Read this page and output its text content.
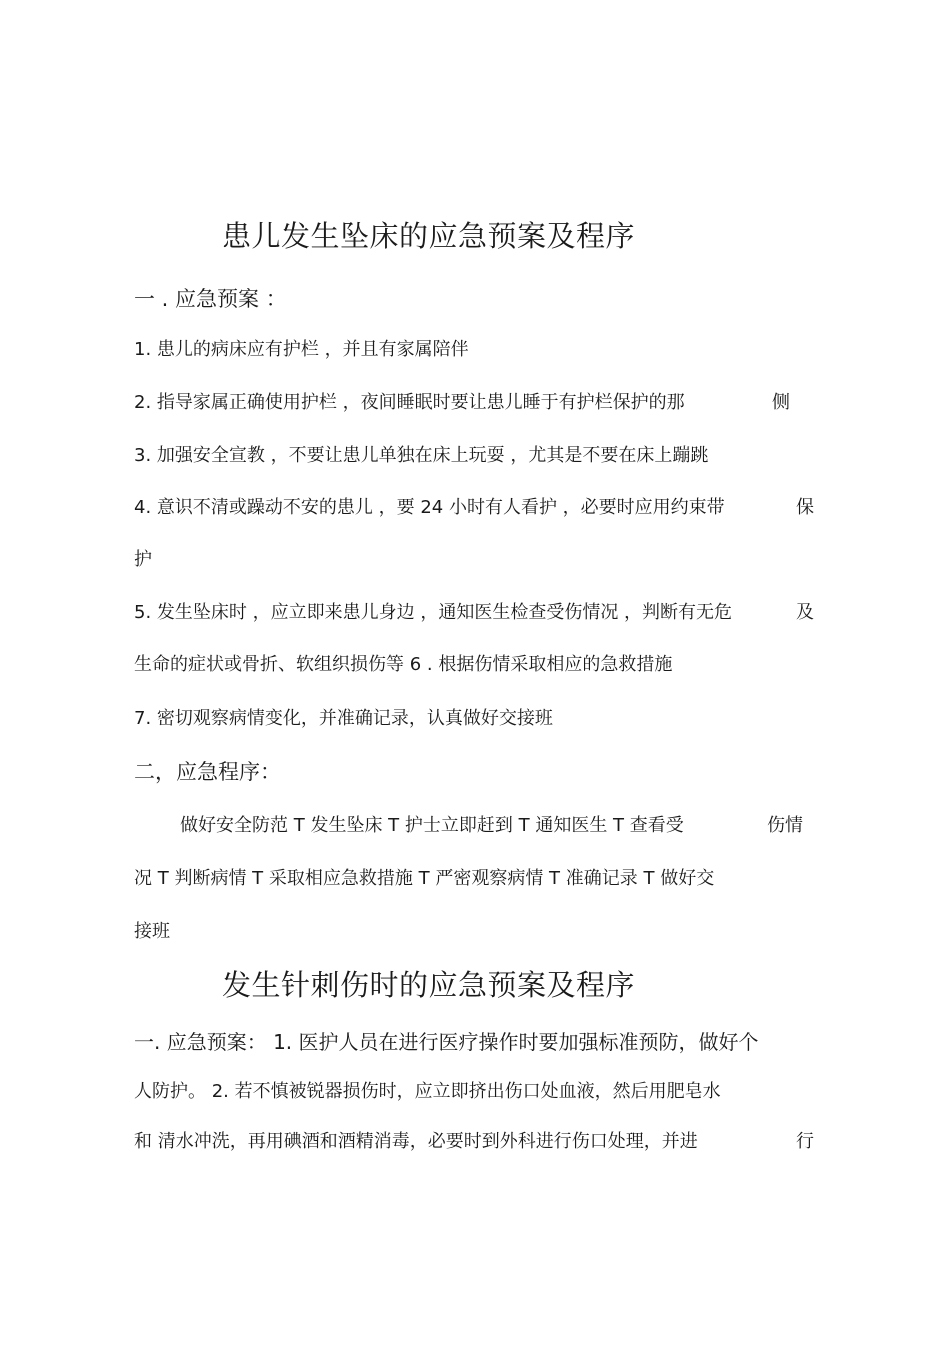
患儿发生坠床的应急预案及程序
一 . 应急预案 ：
1. 患儿的病床应有护栏 ，并且有家属陪伴
2. 指导家属正确使用护栏 ，夜间睡眠时要让患儿睡于有护栏保护的那	侧
3. 加强安全宣教 ，不要让患儿单独在床上玩耍 ，尤其是不要在床上蹦跳
4. 意识不清或躁动不安的患儿 ，要 24 小时有人看护 ，必要时应用约束带	保
护
5. 发生坠床时 ，应立即来患儿身边 ，通知医生检查受伤情况 ，判断有无危	及
生命的症状或骨折、软组织损伤等 6 . 根据伤情采取相应的急救措施
7. 密切观察病情变化，并准确记录，认真做好交接班
二，应急程序：
做好安全防范 T 发生坠床 T 护士立即赶到 T 通知医生 T 查看受	伤情
况 T 判断病情 T 采取相应急救措施 T 严密观察病情 T 准确记录 T 做好交
接班
发生针刺伤时的应急预案及程序
一. 应急预案： 1. 医护人员在进行医疗操作时要加强标准预防，做好个
人防护。 2. 若不慎被锐器损伤时，应立即挤出伤口处血液，然后用肥皂水
和 清水冲洗，再用碘酒和酒精消毒，必要时到外科进行伤口处理，并进	行
